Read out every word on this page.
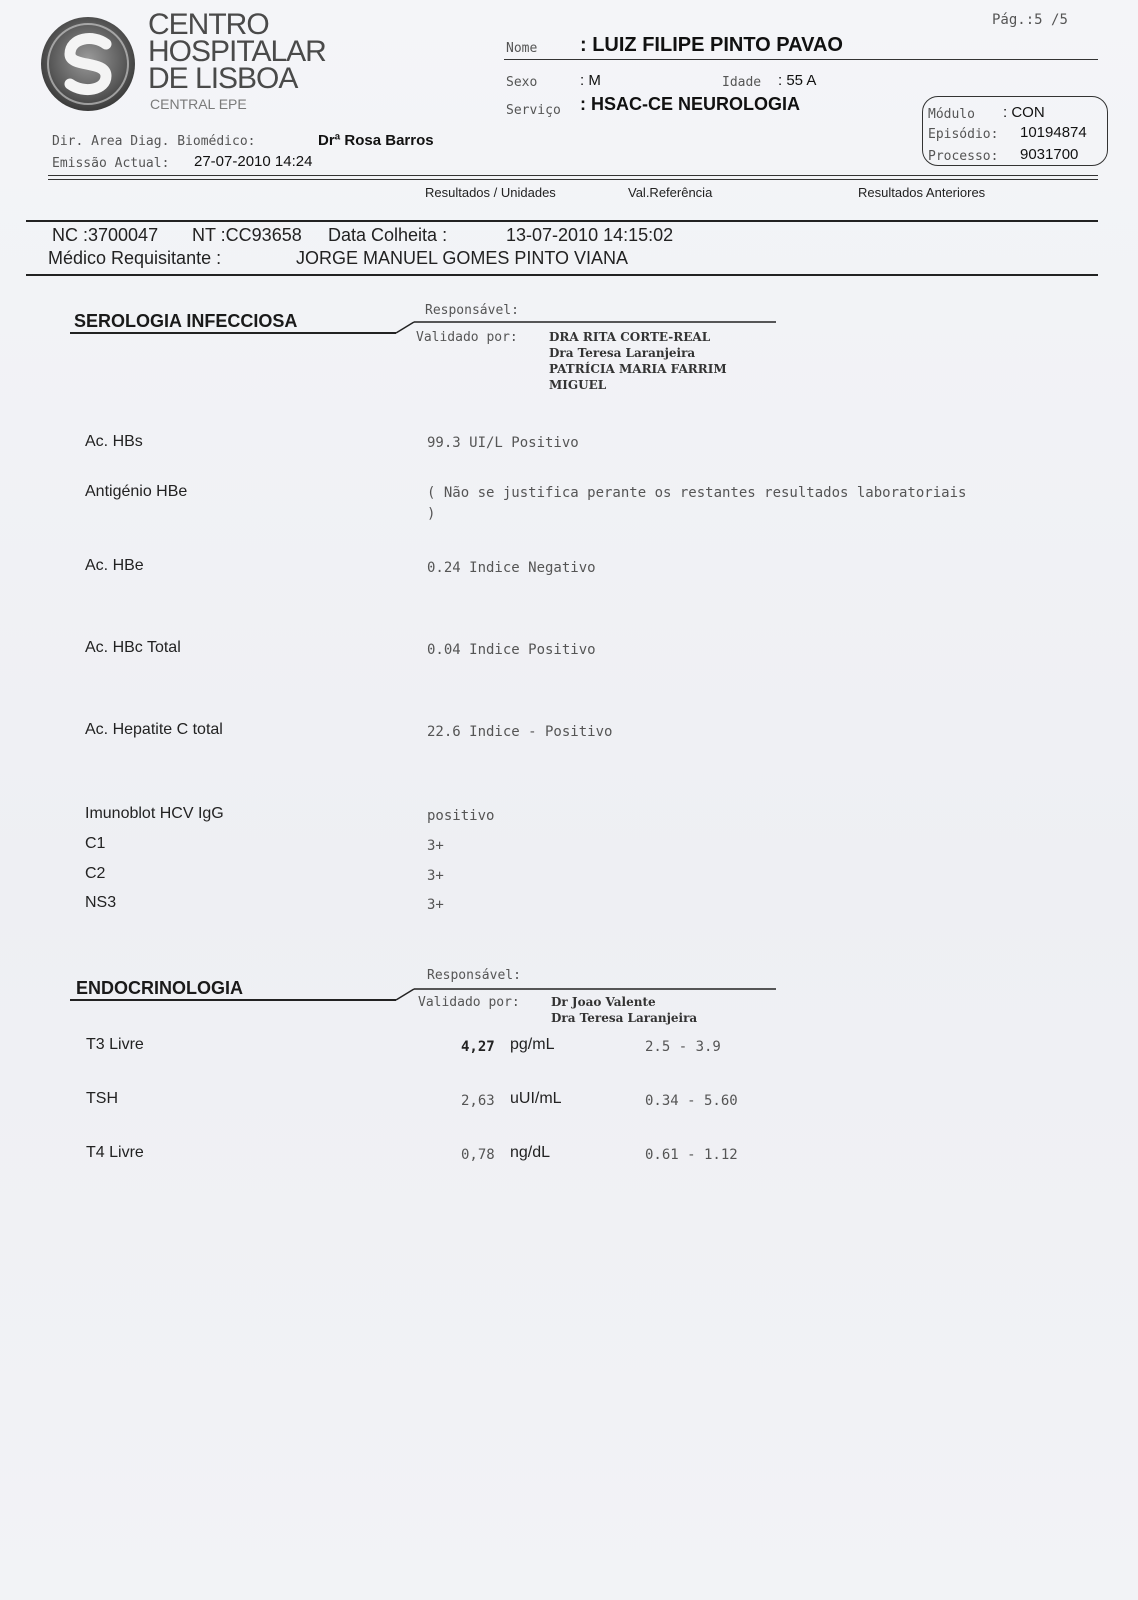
CENTRO
HOSPITALAR
DE LISBOA
CENTRAL EPE
Pág.:5 /5
Nome : LUIZ FILIPE PINTO PAVAO
Sexo	: M	Idade : 55 A
Serviço : HSAC-CE NEUROLOGIA
Módulo : CON
Episódio: 10194874
Processo: 9031700
Dir. Area Diag. Biomédico:	Drª Rosa Barros
Emissão Actual: 27-07-2010 14:24
Resultados / Unidades	Val.Referência	Resultados Anteriores
NC :3700047 NT :CC93658 Data Colheita :	13-07-2010 14:15:02
Médico Requisitante :	JORGE MANUEL GOMES PINTO VIANA
SEROLOGIA INFECCIOSA
Responsável:
Validado por:	DRA RITA CORTE-REAL
Dra Teresa Laranjeira
PATRÍCIA MARIA FARRIM
MIGUEL
Ac. HBs	99.3 UI/L Positivo
Antigénio HBe	( Não se justifica perante os restantes resultados laboratoriais
)
Ac. HBe	0.24 Indice Negativo
Ac. HBc Total	0.04 Indice Positivo
Ac. Hepatite C total	22.6 Indice - Positivo
Imunoblot HCV IgG	positivo
C1	3+
C2	3+
NS3	3+
ENDOCRINOLOGIA
Responsável:
Validado por:	Dr Joao Valente
Dra Teresa Laranjeira
T3 Livre	4,27 pg/mL	2.5 - 3.9
TSH	2,63 uUI/mL	0.34 - 5.60
T4 Livre	0,78 ng/dL	0.61 - 1.12
